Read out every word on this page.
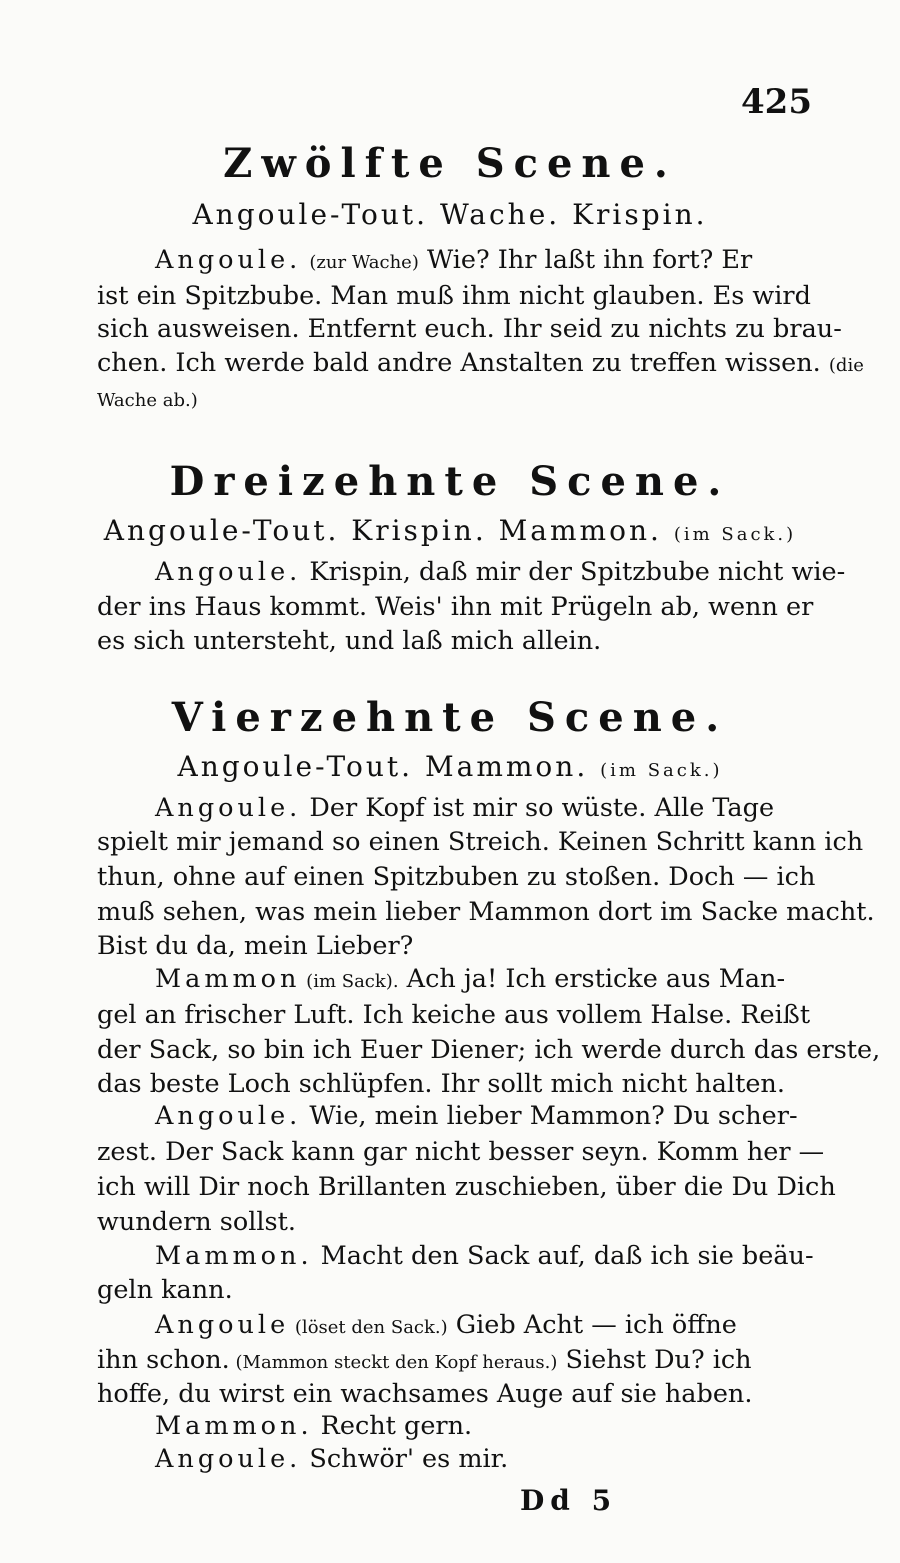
425
Zwölfte Scene.
Angoule-Tout. Wache. Krispin.
Angoule. (zur Wache) Wie? Ihr laßt ihn fort? Er
ist ein Spitzbube. Man muß ihm nicht glauben. Es wird
sich ausweisen. Entfernt euch. Ihr seid zu nichts zu brau-
chen. Ich werde bald andre Anstalten zu treffen wissen. (die
Wache ab.)
Dreizehnte Scene.
Angoule-Tout. Krispin. Mammon. (im Sack.)
Angoule. Krispin, daß mir der Spitzbube nicht wie-
der ins Haus kommt. Weis' ihn mit Prügeln ab, wenn er
es sich untersteht, und laß mich allein.
Vierzehnte Scene.
Angoule-Tout. Mammon. (im Sack.)
Angoule. Der Kopf ist mir so wüste. Alle Tage
spielt mir jemand so einen Streich. Keinen Schritt kann ich
thun, ohne auf einen Spitzbuben zu stoßen. Doch — ich
muß sehen, was mein lieber Mammon dort im Sacke macht.
Bist du da, mein Lieber?
Mammon (im Sack). Ach ja! Ich ersticke aus Man-
gel an frischer Luft. Ich keiche aus vollem Halse. Reißt
der Sack, so bin ich Euer Diener; ich werde durch das erste,
das beste Loch schlüpfen. Ihr sollt mich nicht halten.
Angoule. Wie, mein lieber Mammon? Du scher-
zest. Der Sack kann gar nicht besser seyn. Komm her —
ich will Dir noch Brillanten zuschieben, über die Du Dich
wundern sollst.
Mammon. Macht den Sack auf, daß ich sie beäu-
geln kann.
Angoule (löset den Sack.) Gieb Acht — ich öffne
ihn schon. (Mammon steckt den Kopf heraus.) Siehst Du? ich
hoffe, du wirst ein wachsames Auge auf sie haben.
Mammon. Recht gern.
Angoule. Schwör' es mir.
Dd 5
